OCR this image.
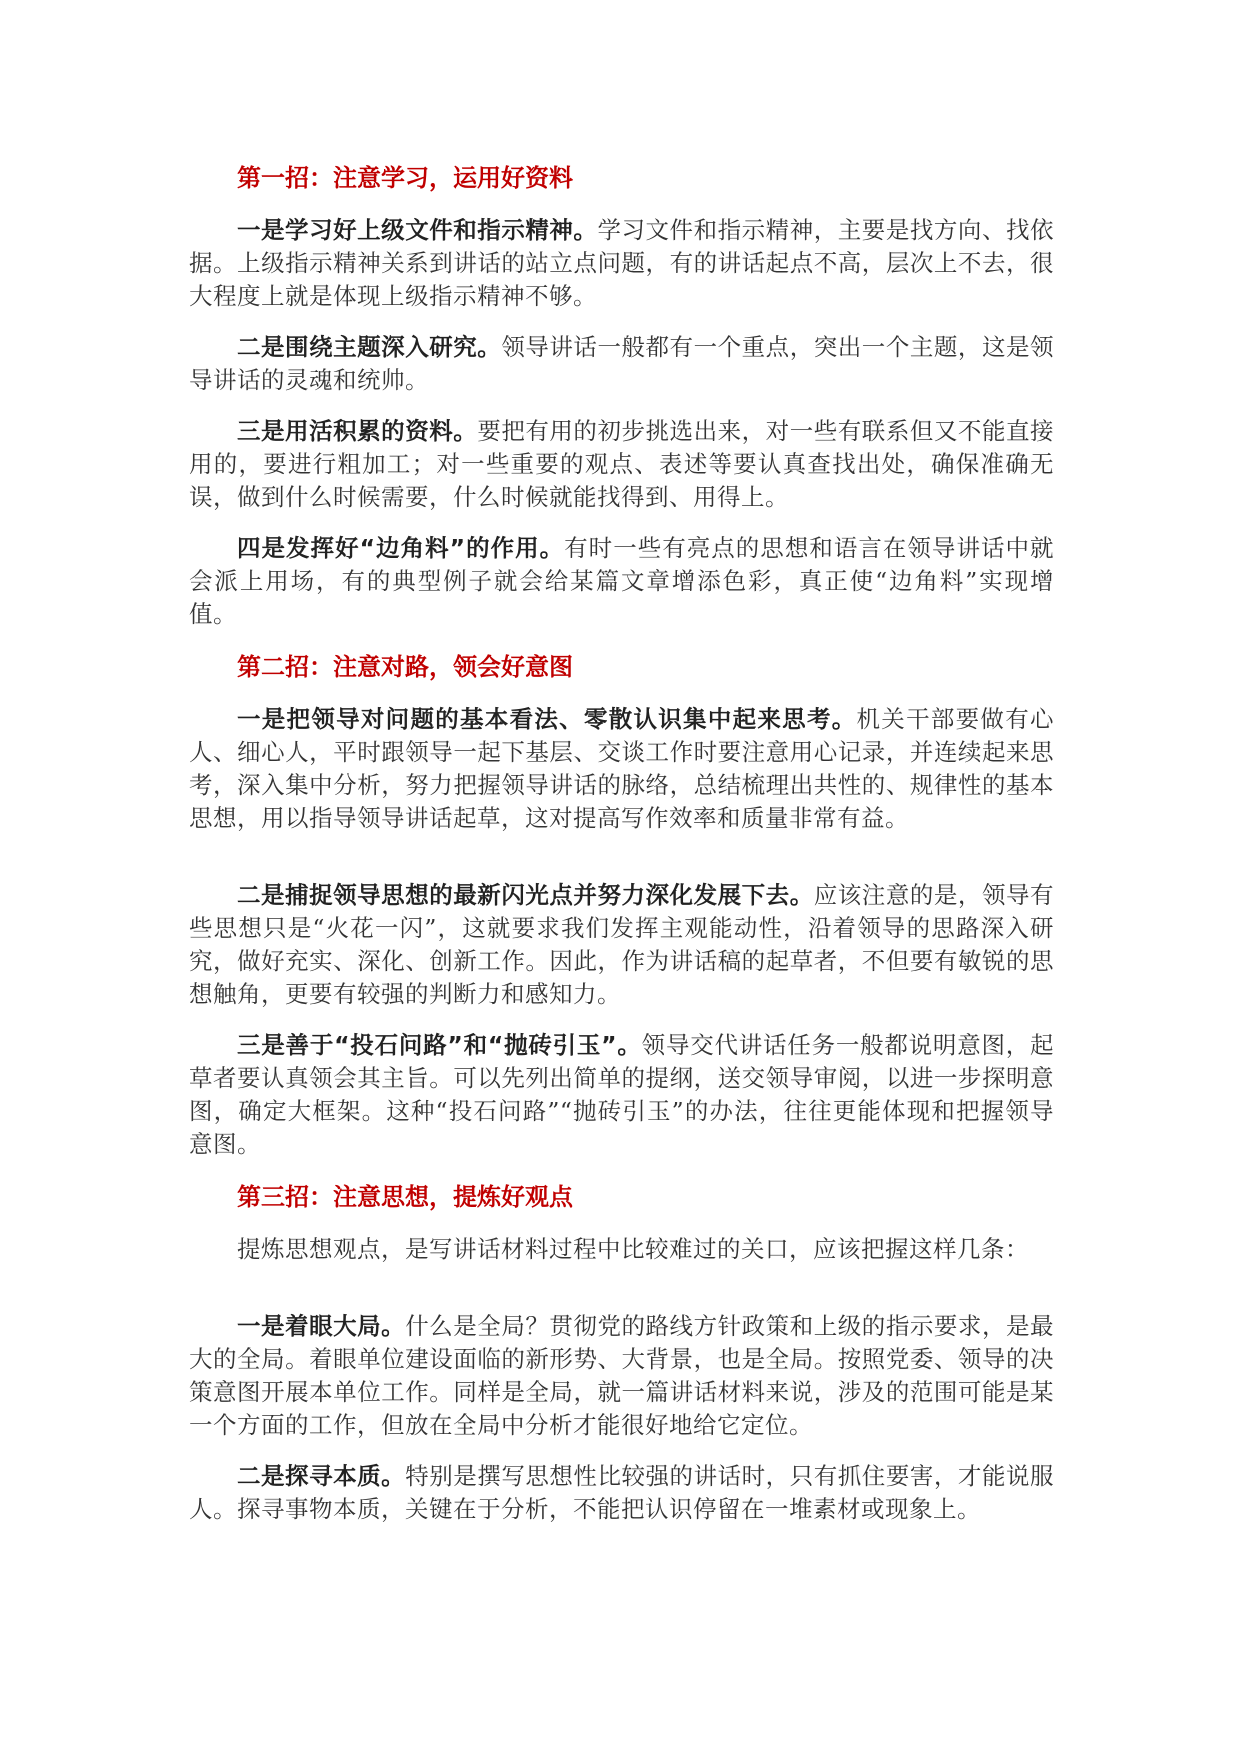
第一招：注意学习，运用好资料

一是学习好上级文件和指示精神。学习文件和指示精神，主要是找方向、找依据。上级指示精神关系到讲话的站立点问题，有的讲话起点不高，层次上不去，很大程度上就是体现上级指示精神不够。

二是围绕主题深入研究。领导讲话一般都有一个重点，突出一个主题，这是领导讲话的灵魂和统帅。

三是用活积累的资料。要把有用的初步挑选出来，对一些有联系但又不能直接用的，要进行粗加工；对一些重要的观点、表述等要认真查找出处，确保准确无误，做到什么时候需要，什么时候就能找得到、用得上。

四是发挥好“边角料”的作用。有时一些有亮点的思想和语言在领导讲话中就会派上用场，有的典型例子就会给某篇文章增添色彩，真正使“边角料”实现增值。

第二招：注意对路，领会好意图

一是把领导对问题的基本看法、零散认识集中起来思考。机关干部要做有心人、细心人，平时跟领导一起下基层、交谈工作时要注意用心记录，并连续起来思考，深入集中分析，努力把握领导讲话的脉络，总结梳理出共性的、规律性的基本思想，用以指导领导讲话起草，这对提高写作效率和质量非常有益。

二是捕捉领导思想的最新闪光点并努力深化发展下去。应该注意的是，领导有些思想只是“火花一闪”，这就要求我们发挥主观能动性，沿着领导的思路深入研究，做好充实、深化、创新工作。因此，作为讲话稿的起草者，不但要有敏锐的思想触角，更要有较强的判断力和感知力。

三是善于“投石问路”和“抛砖引玉”。领导交代讲话任务一般都说明意图，起草者要认真领会其主旨。可以先列出简单的提纲，送交领导审阅，以进一步探明意图，确定大框架。这种“投石问路”“抛砖引玉”的办法，往往更能体现和把握领导意图。

第三招：注意思想，提炼好观点

提炼思想观点，是写讲话材料过程中比较难过的关口，应该把握这样几条：

一是着眼大局。什么是全局？贯彻党的路线方针政策和上级的指示要求，是最大的全局。着眼单位建设面临的新形势、大背景，也是全局。按照党委、领导的决策意图开展本单位工作。同样是全局，就一篇讲话材料来说，涉及的范围可能是某一个方面的工作，但放在全局中分析才能很好地给它定位。

二是探寻本质。特别是撰写思想性比较强的讲话时，只有抓住要害，才能说服人。探寻事物本质，关键在于分析，不能把认识停留在一堆素材或现象上。
